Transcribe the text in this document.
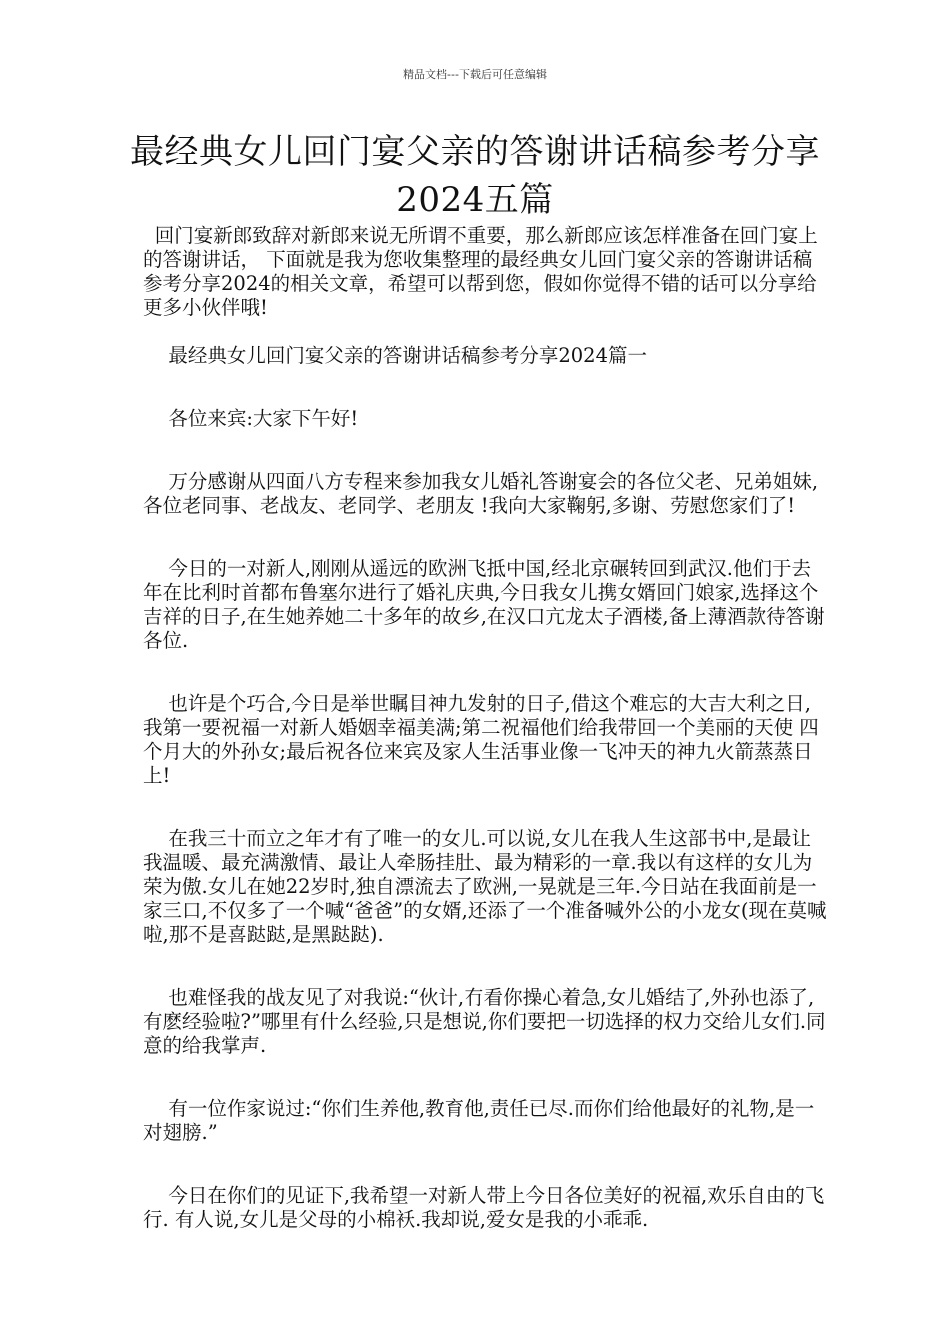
精品文档---下载后可任意编辑
最经典女儿回门宴父亲的答谢讲话稿参考分享2024五篇

回门宴新郎致辞对新郎来说无所谓不重要，那么新郎应该怎样准备在回门宴上的答谢讲话， 下面就是我为您收集整理的最经典女儿回门宴父亲的答谢讲话稿参考分享2024的相关文章，希望可以帮到您，假如你觉得不错的话可以分享给更多小伙伴哦!

最经典女儿回门宴父亲的答谢讲话稿参考分享2024篇一

各位来宾:大家下午好!

万分感谢从四面八方专程来参加我女儿婚礼答谢宴会的各位父老、兄弟姐妹,各位老同事、老战友、老同学、老朋友 !我向大家鞠躬,多谢、劳慰您家们了!

今日的一对新人,刚刚从遥远的欧洲飞抵中国,经北京碾转回到武汉.他们于去年在比利时首都布鲁塞尔进行了婚礼庆典,今日我女儿携女婿回门娘家,选择这个吉祥的日子,在生她养她二十多年的故乡,在汉口亢龙太子酒楼,备上薄酒款待答谢各位.

也许是个巧合,今日是举世瞩目神九发射的日子,借这个难忘的大吉大利之日,我第一要祝福一对新人婚姻幸福美满;第二祝福他们给我带回一个美丽的天使 四个月大的外孙女;最后祝各位来宾及家人生活事业像一飞冲天的神九火箭蒸蒸日上!

在我三十而立之年才有了唯一的女儿.可以说,女儿在我人生这部书中,是最让我温暖、最充满激情、最让人牵肠挂肚、最为精彩的一章.我以有这样的女儿为荣为傲.女儿在她22岁时,独自漂流去了欧洲,一晃就是三年.今日站在我面前是一家三口,不仅多了一个喊“爸爸”的女婿,还添了一个准备喊外公的小龙女(现在莫喊啦,那不是喜跶跶,是黑跶跶).

也难怪我的战友见了对我说:“伙计,冇看你操心着急,女儿婚结了,外孙也添了,有麽经验啦?”哪里有什么经验,只是想说,你们要把一切选择的权力交给儿女们.同意的给我掌声.

有一位作家说过:“你们生养他,教育他,责任已尽.而你们给他最好的礼物,是一对翅膀.”

今日在你们的见证下,我希望一对新人带上今日各位美好的祝福,欢乐自由的飞行. 有人说,女儿是父母的小棉袄.我却说,爱女是我的小乖乖.
